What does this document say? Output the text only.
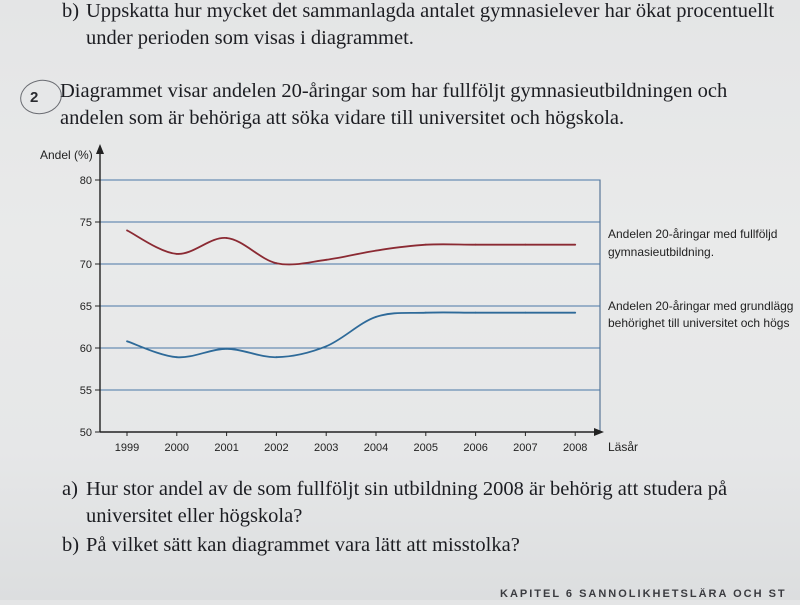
b) Uppskatta hur mycket det sammanlagda antalet gymnasielever har ökat procentuellt
under perioden som visas i diagrammet.
2 Diagrammet visar andelen 20-åringar som har fullföljt gymnasieutbildningen och
andelen som är behöriga att söka vidare till universitet och högskola.
Andel (%)
Läsår
50
55
60
65
70
75
80
1999 2000 2001 2002 2003 2004 2005 2006 2007 2008
Andelen 20-åringar med fullföljd
gymnasieutbildning.
Andelen 20-åringar med grundlägg
behörighet till universitet och högs
a) Hur stor andel av de som fullföljt sin utbildning 2008 är behörig att studera på
universitet eller högskola?
b) På vilket sätt kan diagrammet vara lätt att misstolka?
KAPITEL 6 SANNOLIKHETSLÄRA OCH ST
